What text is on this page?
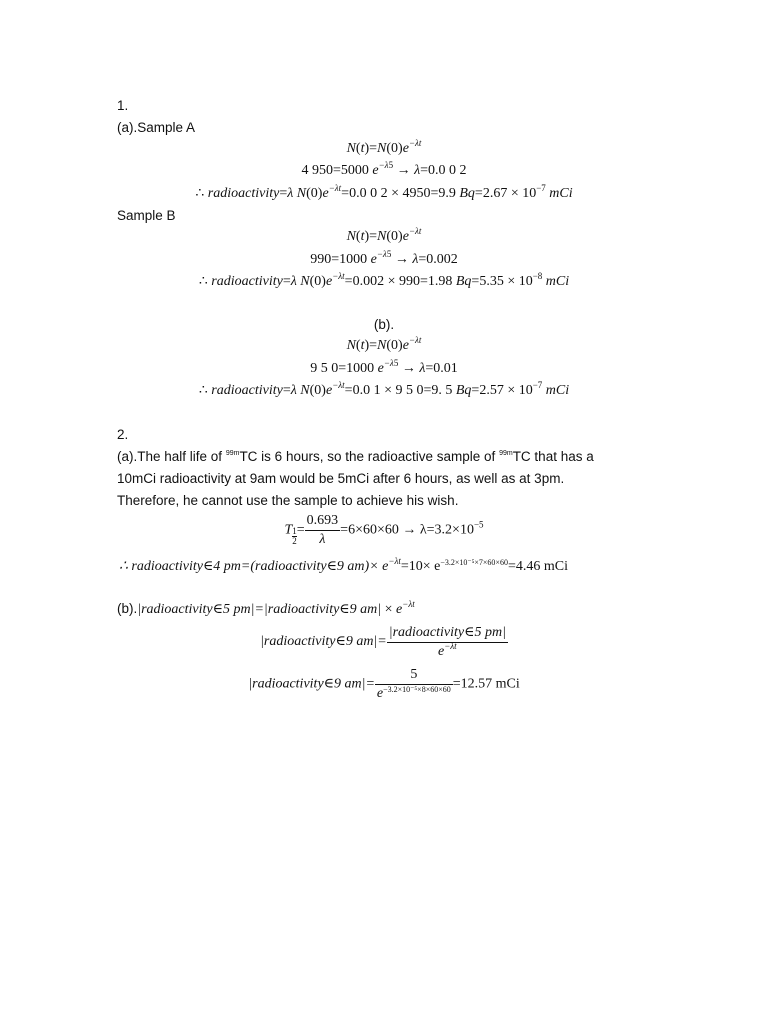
1.
(a).Sample A
$N(t)=N(0)e^{-\lambda t}$
4 950=5000 $e^{-\lambda 5} \to \lambda=0.0$ 0 2
∴ radioactivity=λ $N(0)e^{-\lambda t}=0.0$ 0 2 × 4950=9.9 $Bq=2.67 \times 10^{-7}$ mCi
Sample B
$N(t)=N(0)e^{-\lambda t}$
990=1000 $e^{-\lambda 5} \to \lambda=0.002$
∴ radioactivity=λ $N(0)e^{-\lambda t}=0.002 \times 990=1.98$ $Bq=5.35 \times 10^{-8}$ mCi
(b).
$N(t)=N(0)e^{-\lambda t}$
9 5 0=1000 $e^{-\lambda 5} \to \lambda=0.01$
∴ radioactivity=λ $N(0)e^{-\lambda t}=0.0$ 1 × 9 5 0=9. 5 $Bq=2.57 \times 10^{-7}$ mCi
2.
(a).The half life of $^{99m}$TC is 6 hours, so the radioactive sample of $^{99m}$TC that has a
10mCi radioactivity at 9am would be 5mCi after 6 hours, as well as at 3pm.
Therefore, he cannot use the sample to achieve his wish.
T $\frac{1}{2} = \frac{0.693}{\lambda} =6\times 60\times 60 \to \lambda=3.2\times 10^{-5}$
∴ radioactivity∈4 pm=(radioactivity∈9 $am)\times e^{-\lambda t}=10\times e^{-3.2\times 10^{-5}\times 7\times 60\times 60}=4.46$ mCi
(b).|radioactivity∈5 pm|=|radioactivity∈9 $am| \times e^{-\lambda t}$
|radioactivity∈9 $am|= \frac{\text{|radioactivity∈5 pm|}}{e^{-\lambda t}}$
|radioactivity∈9 $am|= \frac{5}{e^{-3.2\times 10^{-5}\times 8\times 60\times 60}} =12.57$ mCi
